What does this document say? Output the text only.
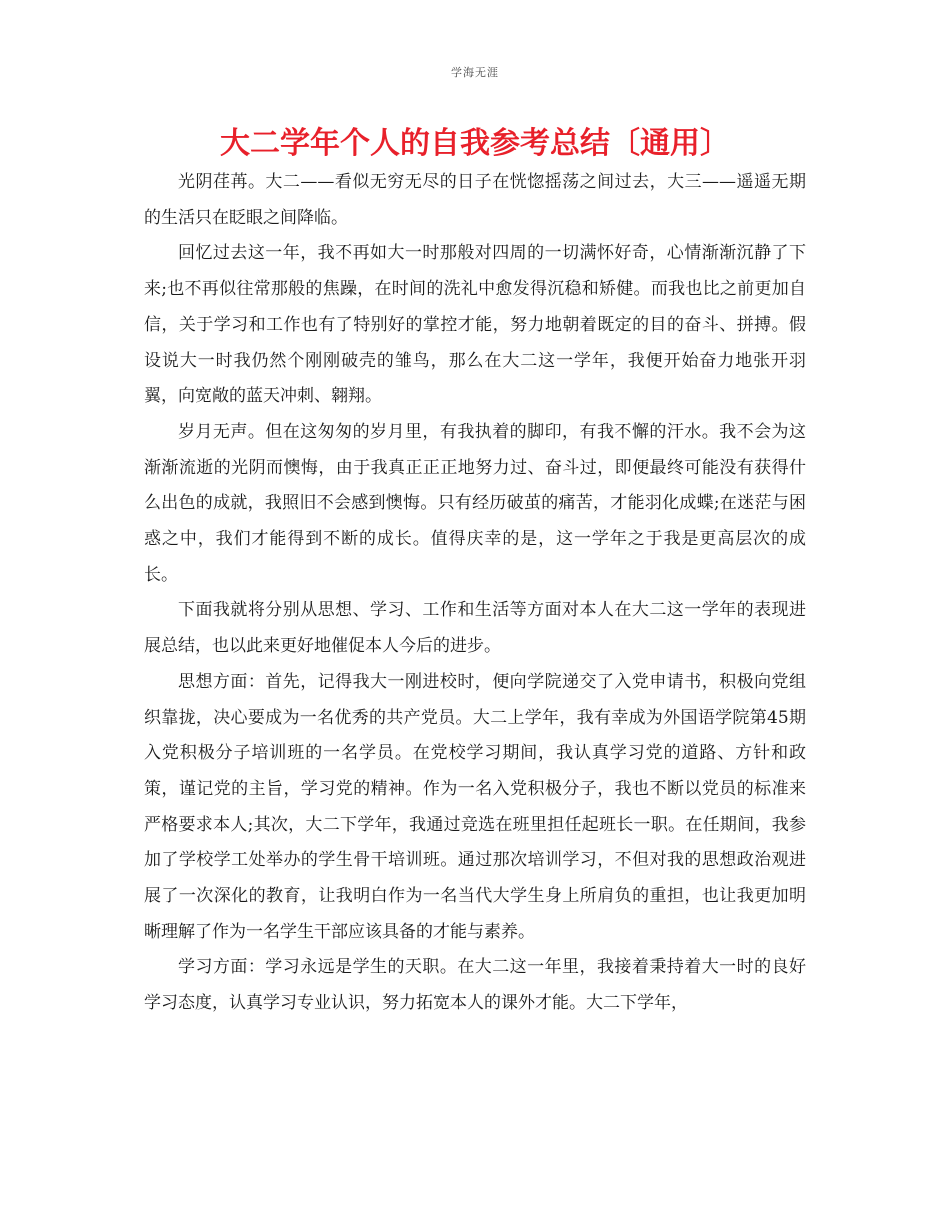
学海无涯
大二学年个人的自我参考总结〔通用〕

光阴荏苒。大二——看似无穷无尽的日子在恍惚摇荡之间过去，大三——遥遥无期的生活只在眨眼之间降临。

回忆过去这一年，我不再如大一时那般对四周的一切满怀好奇，心情渐渐沉静了下来;也不再似往常那般的焦躁，在时间的洗礼中愈发得沉稳和矫健。而我也比之前更加自信，关于学习和工作也有了特别好的掌控才能，努力地朝着既定的目的奋斗、拼搏。假设说大一时我仍然个刚刚破壳的雏鸟，那么在大二这一学年，我便开始奋力地张开羽翼，向宽敞的蓝天冲刺、翱翔。

岁月无声。但在这匆匆的岁月里，有我执着的脚印，有我不懈的汗水。我不会为这渐渐流逝的光阴而懊悔，由于我真正正正地努力过、奋斗过，即便最终可能没有获得什么出色的成就，我照旧不会感到懊悔。只有经历破茧的痛苦，才能羽化成蝶;在迷茫与困惑之中，我们才能得到不断的成长。值得庆幸的是，这一学年之于我是更高层次的成长。

下面我就将分别从思想、学习、工作和生活等方面对本人在大二这一学年的表现进展总结，也以此来更好地催促本人今后的进步。

思想方面：首先，记得我大一刚进校时，便向学院递交了入党申请书，积极向党组织靠拢，决心要成为一名优秀的共产党员。大二上学年，我有幸成为外国语学院第45期入党积极分子培训班的一名学员。在党校学习期间，我认真学习党的道路、方针和政策，谨记党的主旨，学习党的精神。作为一名入党积极分子，我也不断以党员的标准来严格要求本人;其次，大二下学年，我通过竞选在班里担任起班长一职。在任期间，我参加了学校学工处举办的学生骨干培训班。通过那次培训学习，不但对我的思想政治观进展了一次深化的教育，让我明白作为一名当代大学生身上所肩负的重担，也让我更加明晰理解了作为一名学生干部应该具备的才能与素养。

学习方面：学习永远是学生的天职。在大二这一年里，我接着秉持着大一时的良好学习态度，认真学习专业认识，努力拓宽本人的课外才能。大二下学年，
